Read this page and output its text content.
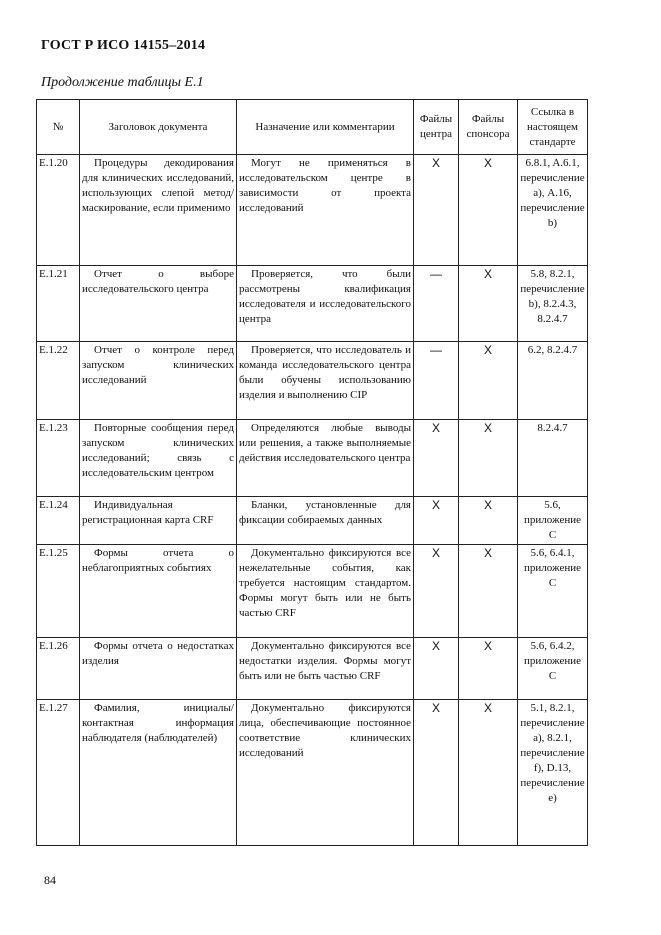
ГОСТ Р ИСО 14155–2014
Продолжение таблицы Е.1
№	Заголовок документа	Назначение или комментарии	Файлы центра	Файлы спонсора	Ссылка в настоящем стандарте
E.1.20	Процедуры декодирования для клинических исследований, использующих слепой метод/маскирование, если применимо	Могут не применяться в исследовательском центре в зависимости от проекта исследований	X	X	6.8.1, A.6.1, перечисление а), A.16, перечисление b)
E.1.21	Отчет о выборе исследовательского центра	Проверяется, что были рассмотрены квалификация исследователя и исследовательского центра	—	X	5.8, 8.2.1, перечисление b), 8.2.4.3, 8.2.4.7
E.1.22	Отчет о контроле перед запуском клинических исследований	Проверяется, что исследователь и команда исследовательского центра были обучены использованию изделия и выполнению CIP	—	X	6.2, 8.2.4.7
E.1.23	Повторные сообщения перед запуском клинических исследований; связь с исследовательским центром	Определяются любые выводы или решения, а также выполняемые действия исследовательского центра	X	X	8.2.4.7
E.1.24	Индивидуальная регистрационная карта CRF	Бланки, установленные для фиксации собираемых данных	X	X	5.6, приложение C
E.1.25	Формы отчета о неблагоприятных событиях	Документально фиксируются все нежелательные события, как требуется настоящим стандартом. Формы могут быть или не быть частью CRF	X	X	5.6, 6.4.1, приложение C
E.1.26	Формы отчета о недостатках изделия	Документально фиксируются все недостатки изделия. Формы могут быть или не быть частью CRF	X	X	5.6, 6.4.2, приложение C
E.1.27	Фамилия, инициалы/контактная информация наблюдателя (наблюдателей)	Документально фиксируются лица, обеспечивающие постоянное соответствие клинических исследований	X	X	5.1, 8.2.1, перечисление а), 8.2.1, перечисление f), D.13, перечисление e)
84
